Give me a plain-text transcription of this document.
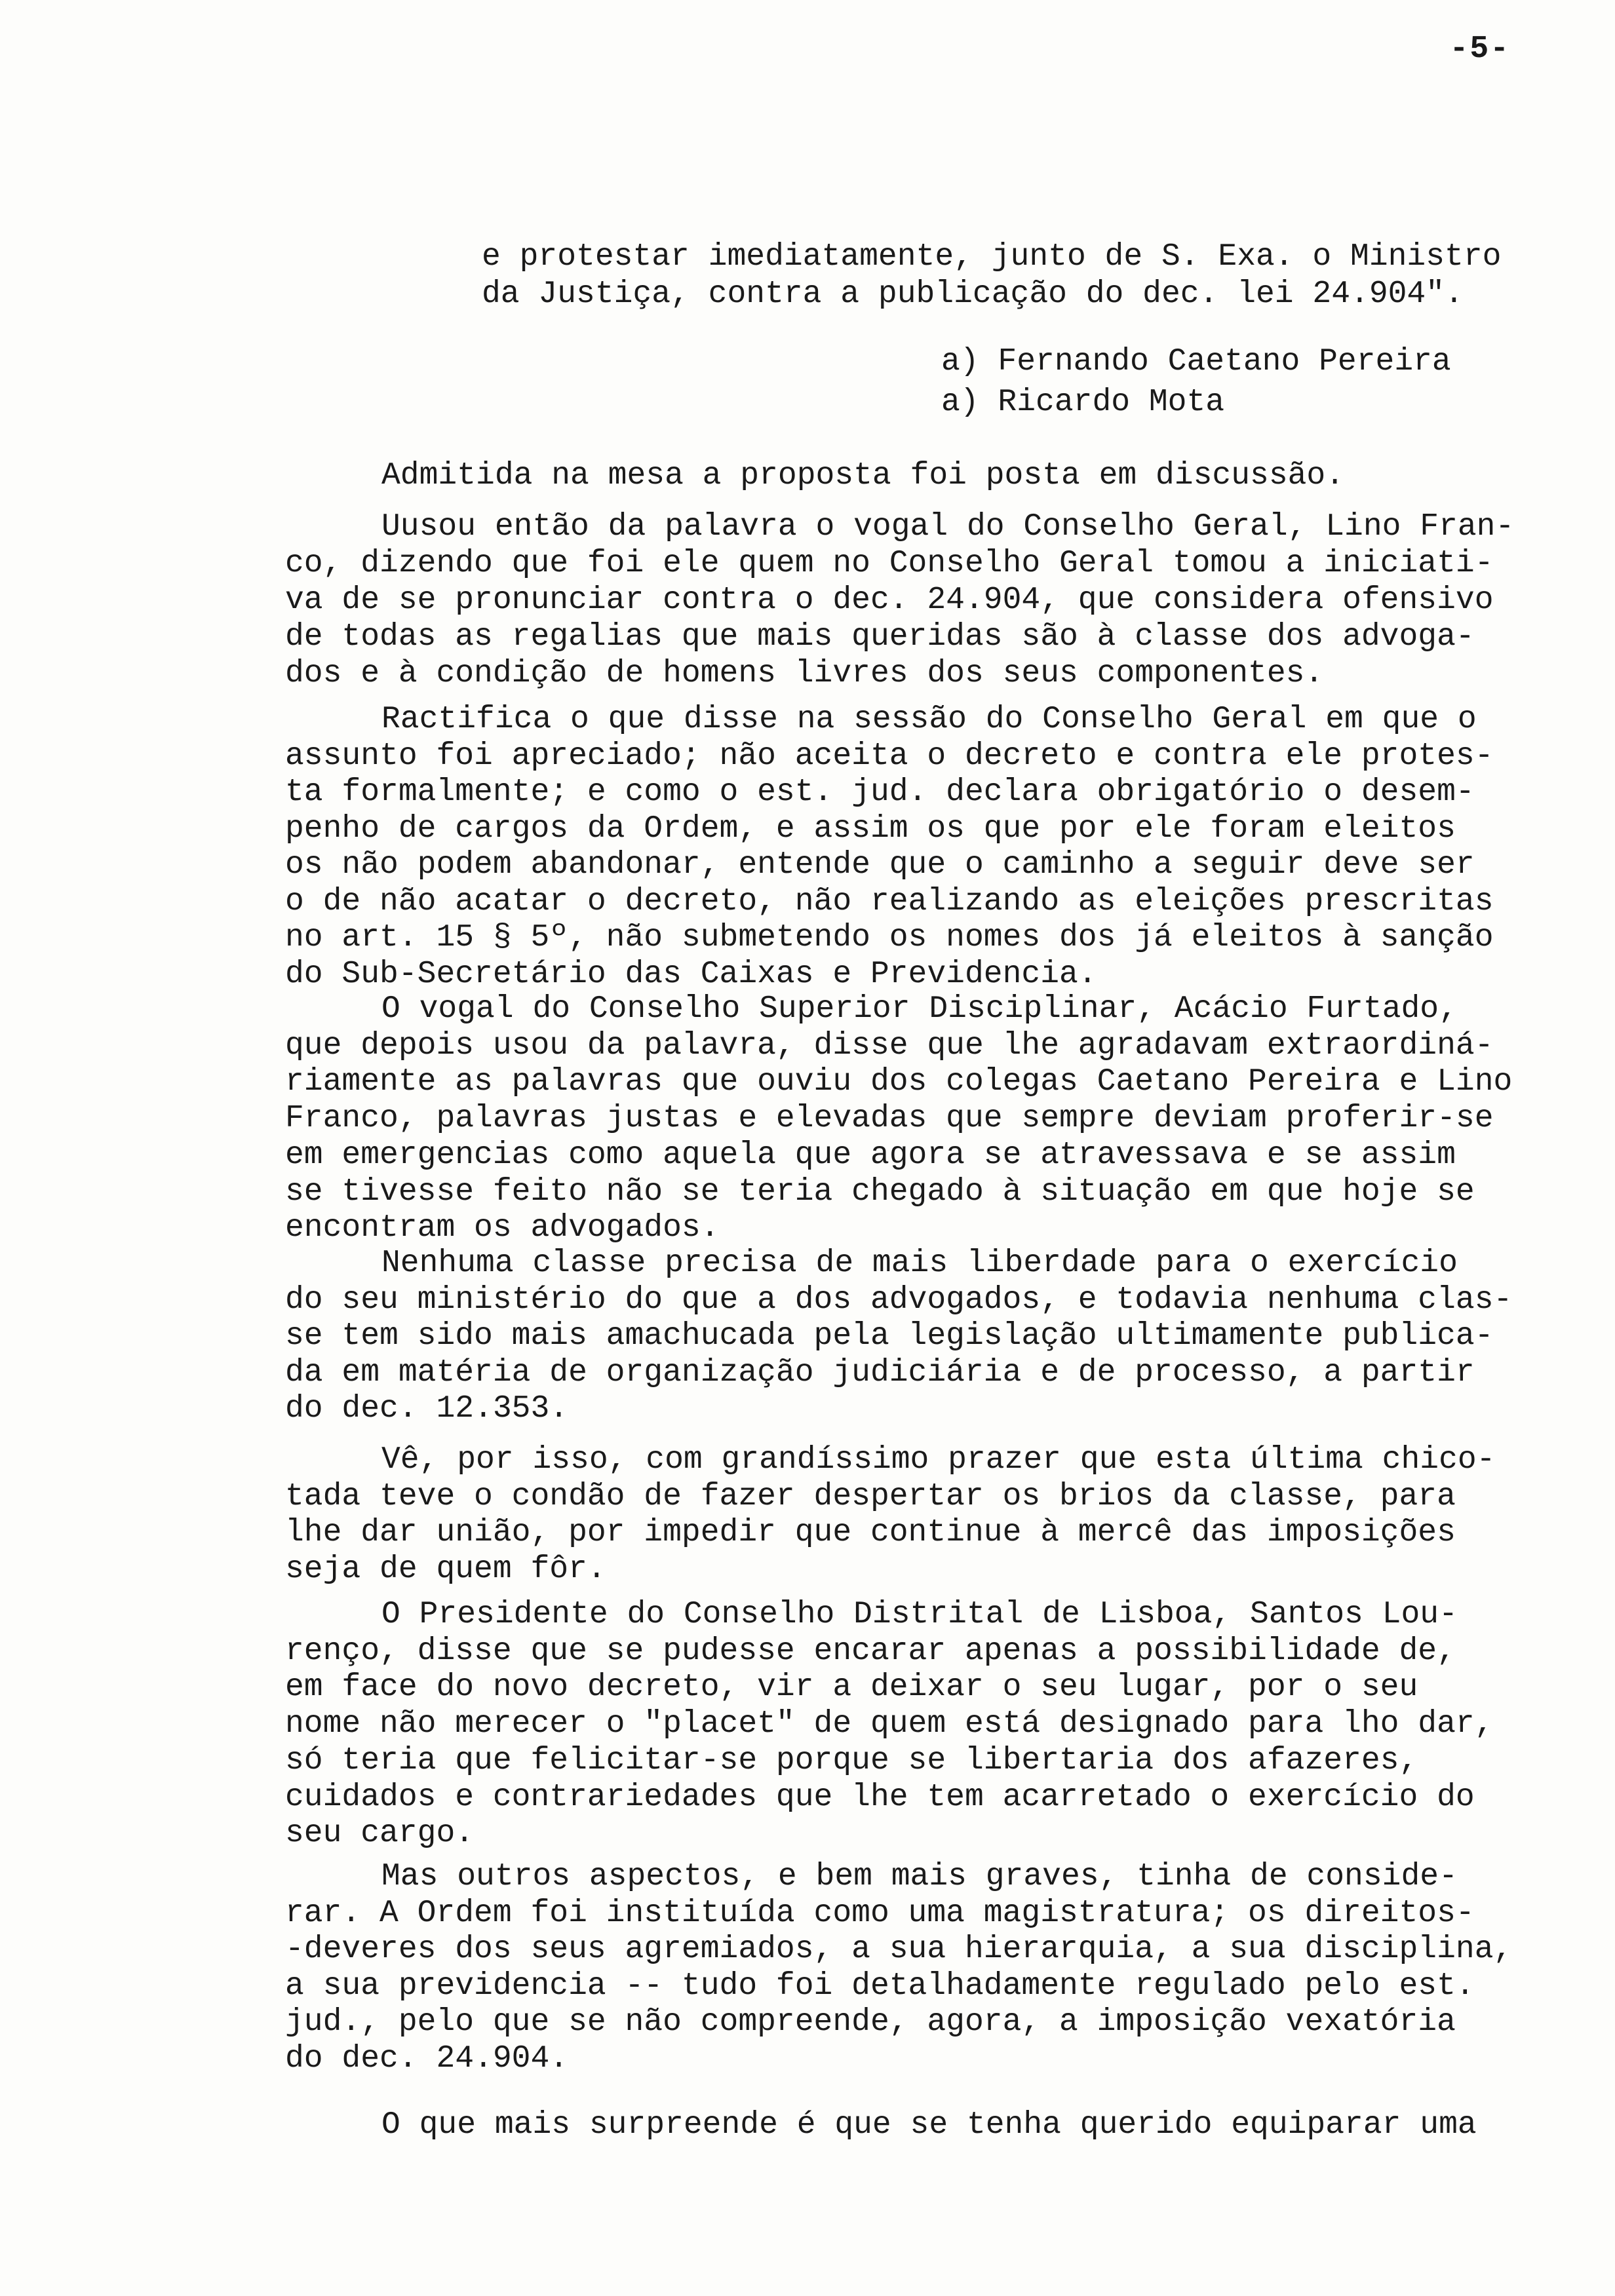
-5-
e protestar imediatamente, junto de S. Exa. o Ministro
da Justiça, contra a publicação do dec. lei 24.904".
a) Fernando Caetano Pereira
a) Ricardo Mota
Admitida na mesa a proposta foi posta em discussão.
Uusou então da palavra o vogal do Conselho Geral, Lino Fran-
co, dizendo que foi ele quem no Conselho Geral tomou a iniciati-
va de se pronunciar contra o dec. 24.904, que considera ofensivo
de todas as regalias que mais queridas são à classe dos advoga-
dos e à condição de homens livres dos seus componentes.
Ractifica o que disse na sessão do Conselho Geral em que o
assunto foi apreciado; não aceita o decreto e contra ele protes-
ta formalmente; e como o est. jud. declara obrigatório o desem-
penho de cargos da Ordem, e assim os que por ele foram eleitos
os não podem abandonar, entende que o caminho a seguir deve ser
o de não acatar o decreto, não realizando as eleições prescritas
no art. 15 § 5º, não submetendo os nomes dos já eleitos à sanção
do Sub-Secretário das Caixas e Previdencia.
O vogal do Conselho Superior Disciplinar, Acácio Furtado,
que depois usou da palavra, disse que lhe agradavam extraordiná-
riamente as palavras que ouviu dos colegas Caetano Pereira e Lino
Franco, palavras justas e elevadas que sempre deviam proferir-se
em emergencias como aquela que agora se atravessava e se assim
se tivesse feito não se teria chegado à situação em que hoje se
encontram os advogados.
Nenhuma classe precisa de mais liberdade para o exercício
do seu ministério do que a dos advogados, e todavia nenhuma clas-
se tem sido mais amachucada pela legislação ultimamente publica-
da em matéria de organização judiciária e de processo, a partir
do dec. 12.353.
Vê, por isso, com grandíssimo prazer que esta última chico-
tada teve o condão de fazer despertar os brios da classe, para
lhe dar união, por impedir que continue à mercê das imposições
seja de quem fôr.
O Presidente do Conselho Distrital de Lisboa, Santos Lou-
renço, disse que se pudesse encarar apenas a possibilidade de,
em face do novo decreto, vir a deixar o seu lugar, por o seu
nome não merecer o "placet" de quem está designado para lho dar,
só teria que felicitar-se porque se libertaria dos afazeres,
cuidados e contrariedades que lhe tem acarretado o exercício do
seu cargo.
Mas outros aspectos, e bem mais graves, tinha de conside-
rar. A Ordem foi instituída como uma magistratura; os direitos-
-deveres dos seus agremiados, a sua hierarquia, a sua disciplina,
a sua previdencia -- tudo foi detalhadamente regulado pelo est.
jud., pelo que se não compreende, agora, a imposição vexatória
do dec. 24.904.
O que mais surpreende é que se tenha querido equiparar uma
